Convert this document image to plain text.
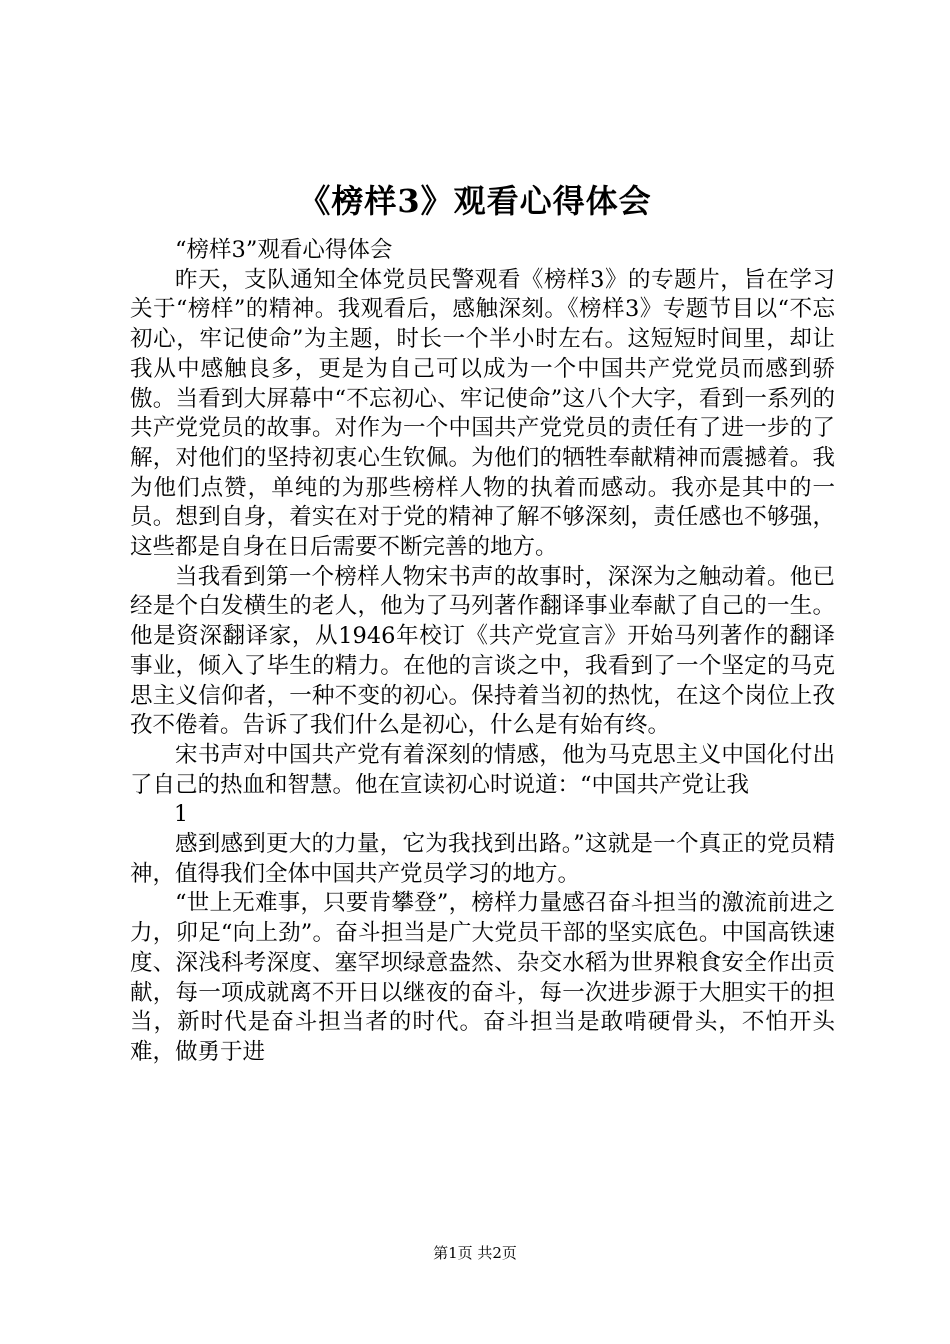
《榜样3》观看心得体会

“榜样3”观看心得体会

昨天，支队通知全体党员民警观看《榜样3》的专题片，旨在学习关于“榜样”的精神。我观看后，感触深刻。《榜样3》专题节目以“不忘初心，牢记使命”为主题，时长一个半小时左右。这短短时间里，却让我从中感触良多，更是为自己可以成为一个中国共产党党员而感到骄傲。当看到大屏幕中“不忘初心、牢记使命”这八个大字，看到一系列的共产党党员的故事。对作为一个中国共产党党员的责任有了进一步的了解，对他们的坚持初衷心生钦佩。为他们的牺牲奉献精神而震撼着。我为他们点赞，单纯的为那些榜样人物的执着而感动。我亦是其中的一员。想到自身，着实在对于党的精神了解不够深刻，责任感也不够强，这些都是自身在日后需要不断完善的地方。

当我看到第一个榜样人物宋书声的故事时，深深为之触动着。他已经是个白发横生的老人，他为了马列著作翻译事业奉献了自己的一生。他是资深翻译家，从1946年校订《共产党宣言》开始马列著作的翻译事业，倾入了毕生的精力。在他的言谈之中，我看到了一个坚定的马克思主义信仰者，一种不变的初心。保持着当初的热忱，在这个岗位上孜孜不倦着。告诉了我们什么是初心，什么是有始有终。

宋书声对中国共产党有着深刻的情感，他为马克思主义中国化付出了自己的热血和智慧。他在宣读初心时说道：“中国共产党让我

1

感到感到更大的力量，它为我找到出路。”这就是一个真正的党员精神，值得我们全体中国共产党员学习的地方。

“世上无难事，只要肯攀登”，榜样力量感召奋斗担当的激流前进之力，卯足“向上劲”。奋斗担当是广大党员干部的坚实底色。中国高铁速度、深浅科考深度、塞罕坝绿意盎然、杂交水稻为世界粮食安全作出贡献，每一项成就离不开日以继夜的奋斗，每一次进步源于大胆实干的担当，新时代是奋斗担当者的时代。奋斗担当是敢啃硬骨头，不怕开头难，做勇于进

第1页 共2页
